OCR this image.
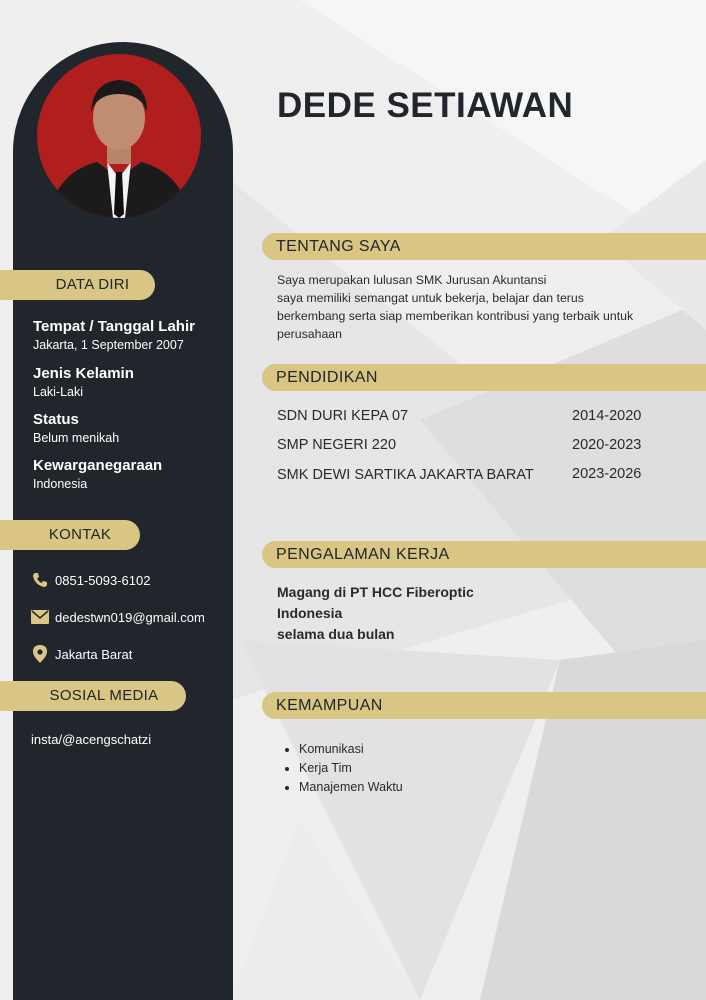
DATA DIRI
Tempat / Tanggal Lahir
Jakarta, 1 September 2007
Jenis Kelamin
Laki-Laki
Status
Belum menikah
Kewarganegaraan
Indonesia
KONTAK
0851-5093-6102
dedestwn019@gmail.com
Jakarta Barat
SOSIAL MEDIA
insta/@acengschatzi
DEDE SETIAWAN
TENTANG SAYA
Saya merupakan lulusan SMK Jurusan Akuntansi
saya memiliki semangat untuk bekerja, belajar dan terus
berkembang serta siap memberikan kontribusi yang terbaik untuk
perusahaan
PENDIDIKAN
SDN DURI KEPA 07	2014-2020
SMP NEGERI 220	2020-2023
SMK DEWI SARTIKA JAKARTA BARAT	2023-2026
PENGALAMAN KERJA
Magang di PT HCC Fiberoptic
Indonesia
selama dua bulan
KEMAMPUAN
• Komunikasi
• Kerja Tim
• Manajemen Waktu
